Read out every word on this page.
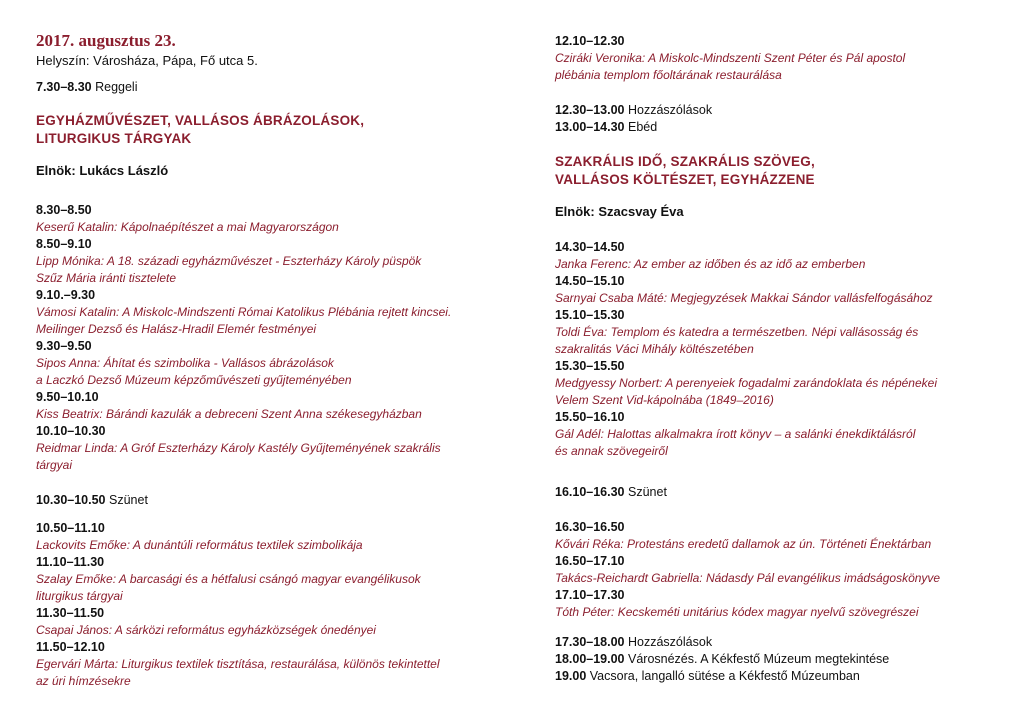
2017. augusztus 23.
Helyszín: Városháza, Pápa, Fő utca 5.
7.30–8.30 Reggeli
EGYHÁZMŰVÉSZET, VALLÁSOS ÁBRÁZOLÁSOK,
LITURGIKUS TÁRGYAK
Elnök: Lukács László
8.30–8.50
Keserű Katalin: Kápolnaépítészet a mai Magyarországon
8.50–9.10
Lipp Mónika: A 18. századi egyházművészet - Eszterházy Károly püspök
Szűz Mária iránti tisztelete
9.10.–9.30
Vámosi Katalin: A Miskolc-Mindszenti Római Katolikus Plébánia rejtett kincsei.
Meilinger Dezső és Halász-Hradil Elemér festményei
9.30–9.50
Sipos Anna: Áhítat és szimbolika - Vallásos ábrázolások
a Laczkó Dezső Múzeum képzőművészeti gyűjteményében
9.50–10.10
Kiss Beatrix: Bárándi kazulák a debreceni Szent Anna székesegyházban
10.10–10.30
Reidmar Linda: A Gróf Eszterházy Károly Kastély Gyűjteményének szakrális
tárgyai
10.30–10.50 Szünet
10.50–11.10
Lackovits Emőke: A dunántúli református textilek szimbolikája
11.10–11.30
Szalay Emőke: A barcasági és a hétfalusi csángó magyar evangélikusok
liturgikus tárgyai
11.30–11.50
Csapai János: A sárközi református egyházközségek ónedényei
11.50–12.10
Egervári Márta: Liturgikus textilek tisztítása, restaurálása, különös tekintettel
az úri hímzésekre
12.10–12.30
Cziráki Veronika: A Miskolc-Mindszenti Szent Péter és Pál apostol
plébánia templom főoltárának restaurálása
12.30–13.00 Hozzászólások
13.00–14.30 Ebéd
SZAKRÁLIS IDŐ, SZAKRÁLIS SZÖVEG,
VALLÁSOS KÖLTÉSZET, EGYHÁZZENE
Elnök: Szacsvay Éva
14.30–14.50
Janka Ferenc: Az ember az időben és az idő az emberben
14.50–15.10
Sarnyai Csaba Máté: Megjegyzések Makkai Sándor vallásfelfogásához
15.10–15.30
Toldi Éva: Templom és katedra a természetben. Népi vallásosság és
szakralitás Váci Mihály költészetében
15.30–15.50
Medgyessy Norbert: A perenyeiek fogadalmi zarándoklata és népénekei
Velem Szent Vid-kápolnába (1849–2016)
15.50–16.10
Gál Adél: Halottas alkalmakra írott könyv – a salánki énekdiktálásról
és annak szövegeiről
16.10–16.30 Szünet
16.30–16.50
Kővári Réka: Protestáns eredetű dallamok az ún. Történeti Énektárban
16.50–17.10
Takács-Reichardt Gabriella: Nádasdy Pál evangélikus imádságoskönyve
17.10–17.30
Tóth Péter: Kecskeméti unitárius kódex magyar nyelvű szövegrészei
17.30–18.00 Hozzászólások
18.00–19.00 Városnézés. A Kékfestő Múzeum megtekintése
19.00 Vacsora, langalló sütése a Kékfestő Múzeumban
